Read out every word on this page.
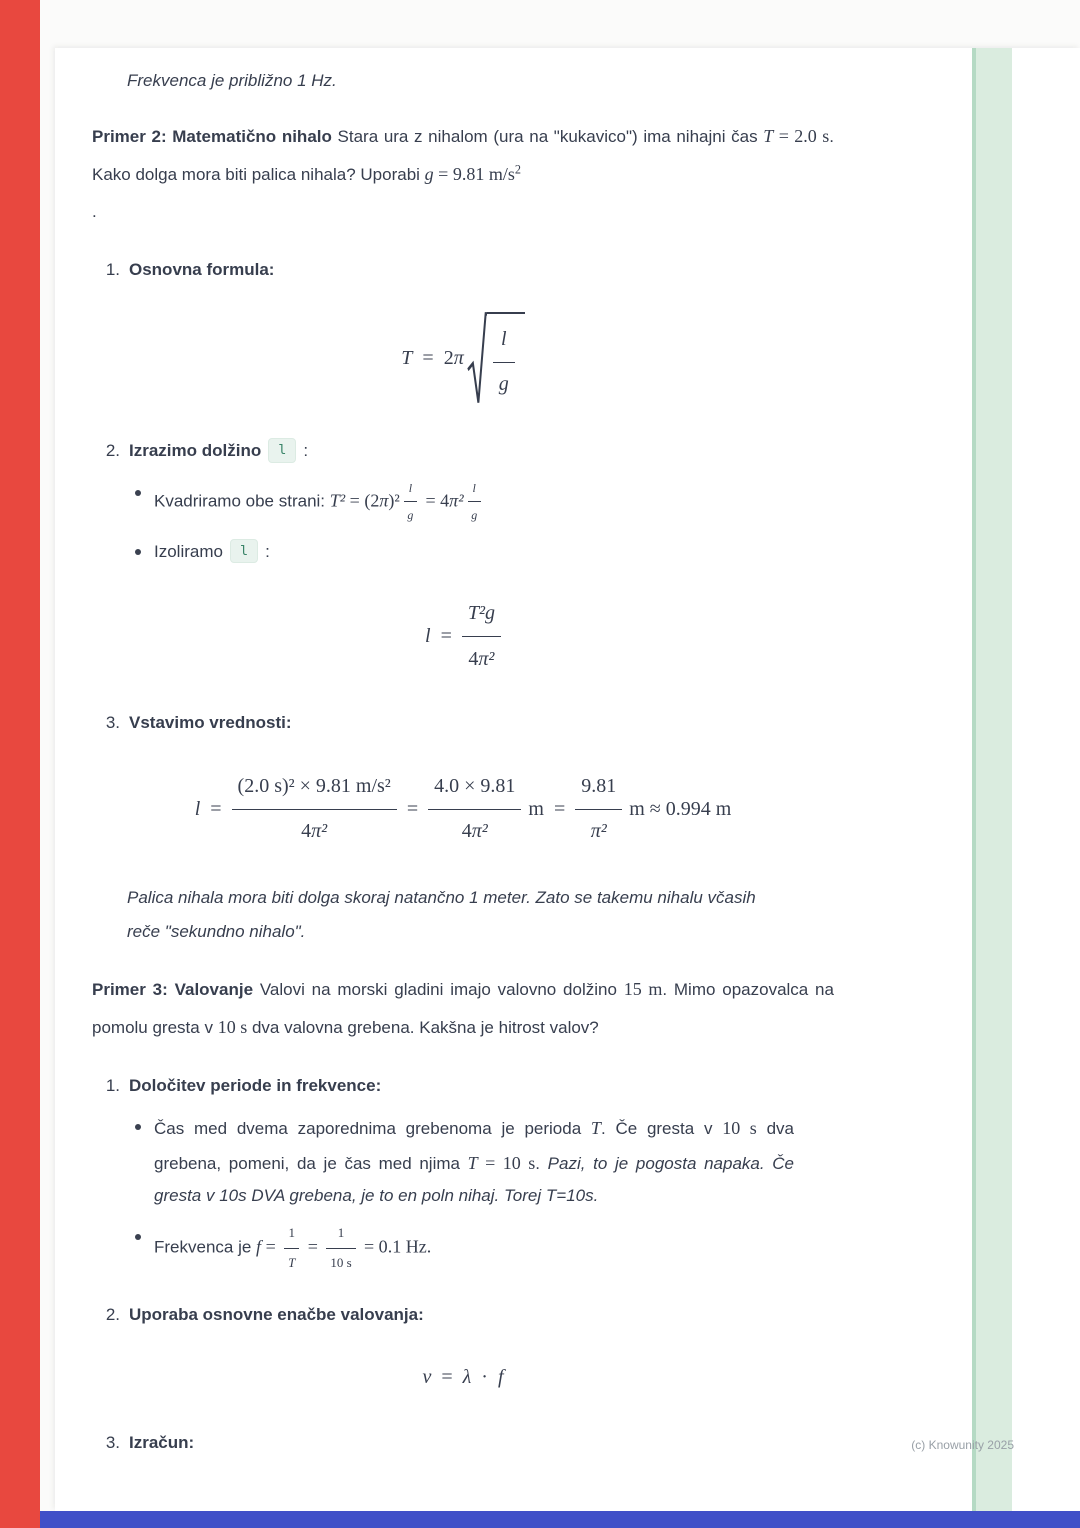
Frekvenca je približno 1 Hz.

Primer 2: Matematično nihalo Stara ura z nihalom (ura na "kukavico") ima nihajni čas T = 2.0 s. Kako dolga mora biti palica nihala? Uporabi g = 9.81 $m/s^2$

.

1. Osnovna formula:
T = 2 π $\frac{l}{g}$
2. Izrazimo dolžino l :
Kvadriramo obe strani: $T^2 = (2\pi)^2 \frac{l}{g} = 4\pi^2 \frac{l}{g}$
Izoliramo l :
$l = \frac{\text{T²g}}{\text{4π²}}$
3. Vstavimo vrednosti:
$l = \frac{\text{(2.0 s)² × 9.81 m/s²}}{\text{4π²}} = \frac{4.0 \times 9.81}{\text{4π²}}$ $m = \frac{9.81}{\text{π²}}$ m ≈ 0.994 m

Palica nihala mora biti dolga skoraj natančno 1 meter. Zato se takemu nihalu včasih reče "sekundno nihalo".

Primer 3: Valovanje Valovi na morski gladini imajo valovno dolžino 15 m. Mimo opazovalca na pomolu gresta v 10 s dva valovna grebena. Kakšna je hitrost valov?

1. Določitev periode in frekvence:
Čas med dvema zaporednima grebenoma je perioda T. Če gresta v 10 s dva grebena, pomeni, da je čas med njima T = 10 s. Pazi, to je pogosta napaka. Če gresta v 10s DVA grebena, je to en poln nihaj. Torej T=10s.
Frekvenca je $f = \frac{1}{T} = \frac{1}{10 s} = 0.1$ Hz.
2. Uporaba osnovne enačbe valovanja:
v = λ · f
3. Izračun:	(c) Knowunity 2025
